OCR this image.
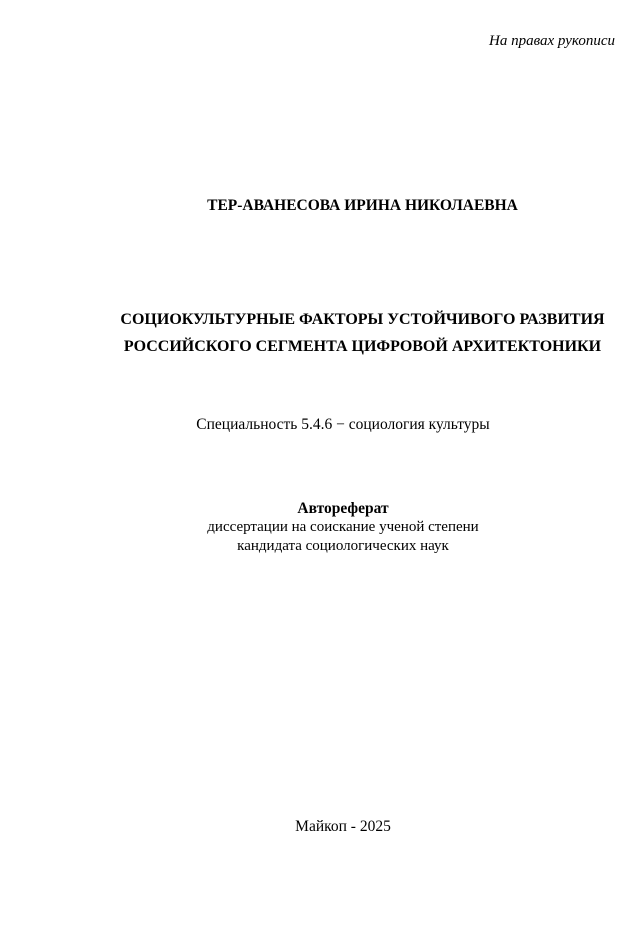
На правах рукописи

ТЕР-АВАНЕСОВА ИРИНА НИКОЛАЕВНА

СОЦИОКУЛЬТУРНЫЕ ФАКТОРЫ УСТОЙЧИВОГО РАЗВИТИЯ
РОССИЙСКОГО СЕГМЕНТА ЦИФРОВОЙ АРХИТЕКТОНИКИ

Специальность 5.4.6 − социология культуры

Автореферат
диссертации на соискание ученой степени
кандидата социологических наук

Майкоп - 2025
